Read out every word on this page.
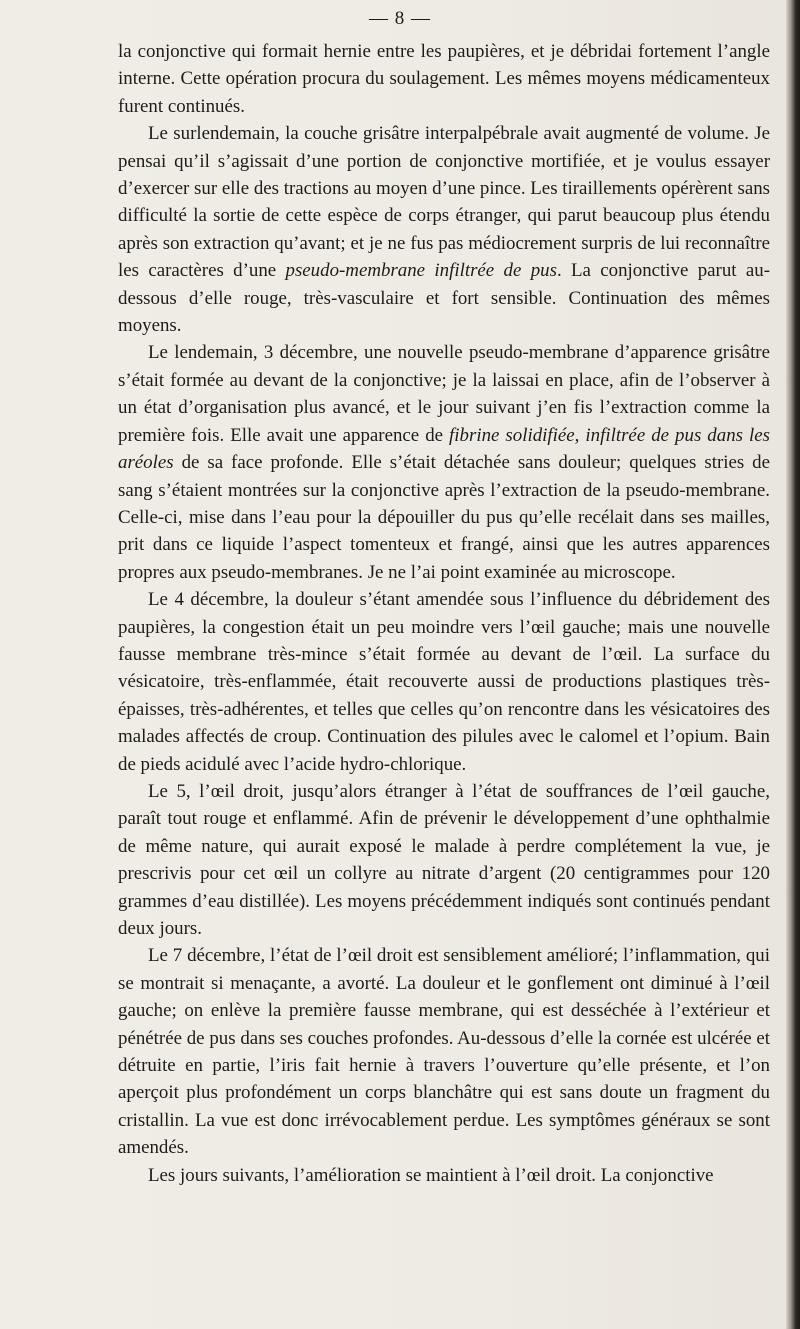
— 8 —

la conjonctive qui formait hernie entre les paupières, et je débridai fortement l’angle interne. Cette opération procura du soulagement. Les mêmes moyens médicamenteux furent continués.

Le surlendemain, la couche grisâtre interpalpébrale avait augmenté de volume. Je pensai qu’il s’agissait d’une portion de conjonctive mortifiée, et je voulus essayer d’exercer sur elle des tractions au moyen d’une pince. Les tiraillements opérèrent sans difficulté la sortie de cette espèce de corps étranger, qui parut beaucoup plus étendu après son extraction qu’avant; et je ne fus pas médiocrement surpris de lui reconnaître les caractères d’une pseudo-membrane infiltrée de pus. La conjonctive parut au-dessous d’elle rouge, très-vasculaire et fort sensible. Continuation des mêmes moyens.

Le lendemain, 3 décembre, une nouvelle pseudo-membrane d’apparence grisâtre s’était formée au devant de la conjonctive; je la laissai en place, afin de l’observer à un état d’organisation plus avancé, et le jour suivant j’en fis l’extraction comme la première fois. Elle avait une apparence de fibrine solidifiée, infiltrée de pus dans les aréoles de sa face profonde. Elle s’était détachée sans douleur; quelques stries de sang s’étaient montrées sur la conjonctive après l’extraction de la pseudo-membrane. Celle-ci, mise dans l’eau pour la dépouiller du pus qu’elle recélait dans ses mailles, prit dans ce liquide l’aspect tomenteux et frangé, ainsi que les autres apparences propres aux pseudo-membranes. Je ne l’ai point examinée au microscope.

Le 4 décembre, la douleur s’étant amendée sous l’influence du débridement des paupières, la congestion était un peu moindre vers l’œil gauche; mais une nouvelle fausse membrane très-mince s’était formée au devant de l’œil. La surface du vésicatoire, très-enflammée, était recouverte aussi de productions plastiques très-épaisses, très-adhérentes, et telles que celles qu’on rencontre dans les vésicatoires des malades affectés de croup. Continuation des pilules avec le calomel et l’opium. Bain de pieds acidulé avec l’acide hydro-chlorique.

Le 5, l’œil droit, jusqu’alors étranger à l’état de souffrances de l’œil gauche, paraît tout rouge et enflammé. Afin de prévenir le développement d’une ophthalmie de même nature, qui aurait exposé le malade à perdre complétement la vue, je prescrivis pour cet œil un collyre au nitrate d’argent (20 centigrammes pour 120 grammes d’eau distillée). Les moyens précédemment indiqués sont continués pendant deux jours.

Le 7 décembre, l’état de l’œil droit est sensiblement amélioré; l’inflammation, qui se montrait si menaçante, a avorté. La douleur et le gonflement ont diminué à l’œil gauche; on enlève la première fausse membrane, qui est desséchée à l’extérieur et pénétrée de pus dans ses couches profondes. Au-dessous d’elle la cornée est ulcérée et détruite en partie, l’iris fait hernie à travers l’ouverture qu’elle présente, et l’on aperçoit plus profondément un corps blanchâtre qui est sans doute un fragment du cristallin. La vue est donc irrévocablement perdue. Les symptômes généraux se sont amendés.

Les jours suivants, l’amélioration se maintient à l’œil droit. La conjonctive
